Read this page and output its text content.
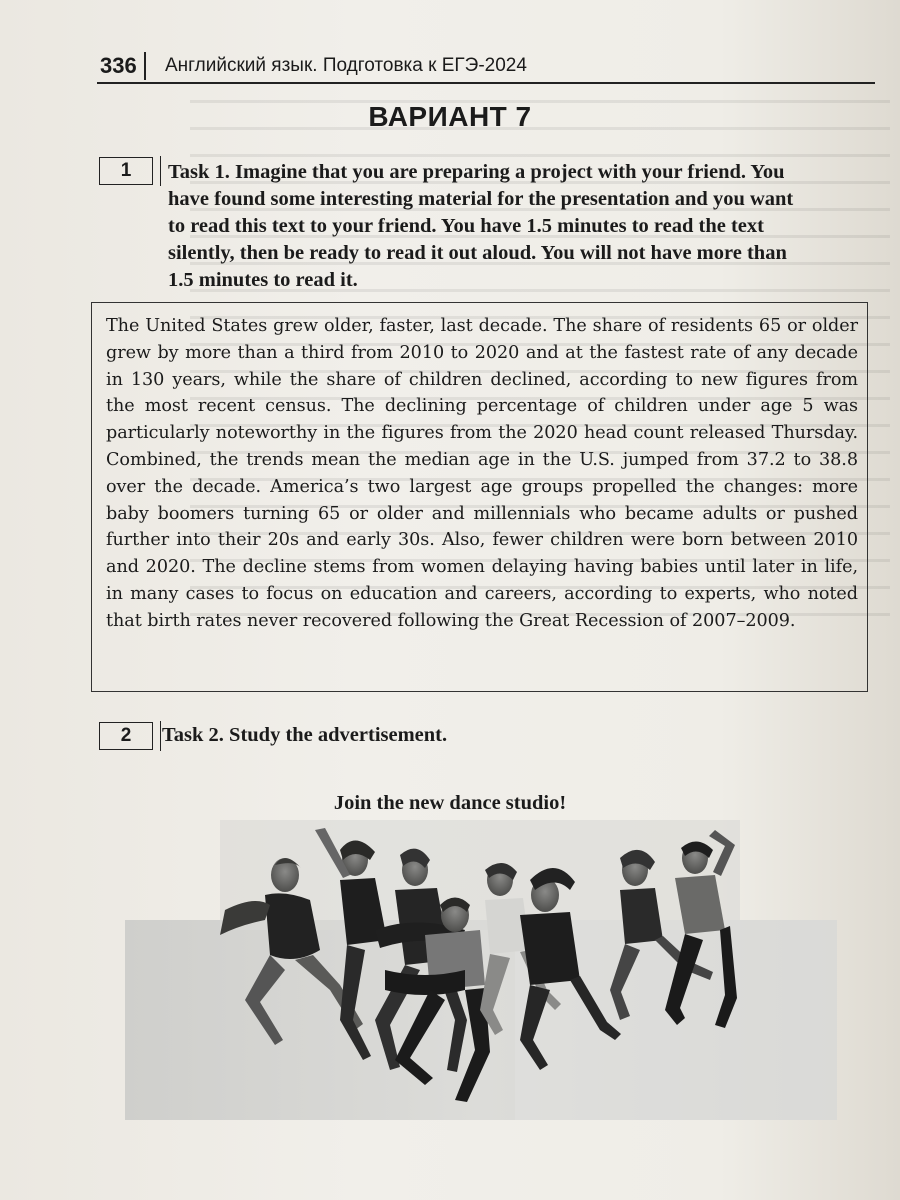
336	Английский язык. Подготовка к ЕГЭ-2024
ВАРИАНТ 7
1	Task 1. Imagine that you are preparing a project with your friend. You
have found some interesting material for the presentation and you want
to read this text to your friend. You have 1.5 minutes to read the text
silently, then be ready to read it out aloud. You will not have more than
1.5 minutes to read it.
The United States grew older, faster, last decade. The share of residents 65 or older grew by more than a third from 2010 to 2020 and at the fastest rate of any decade in 130 years, while the share of children declined, according to new figures from the most recent census. The declining percentage of children under age 5 was particularly noteworthy in the figures from the 2020 head count released Thursday. Combined, the trends mean the median age in the U.S. jumped from 37.2 to 38.8 over the decade. America’s two largest age groups propelled the changes: more baby boomers turning 65 or older and millennials who became adults or pushed further into their 20s and early 30s. Also, fewer children were born between 2010 and 2020. The decline stems from women delaying having babies until later in life, in many cases to focus on education and careers, according to experts, who noted that birth rates never recovered following the Great Recession of 2007–2009.
2	Task 2. Study the advertisement.
Join the new dance studio!
